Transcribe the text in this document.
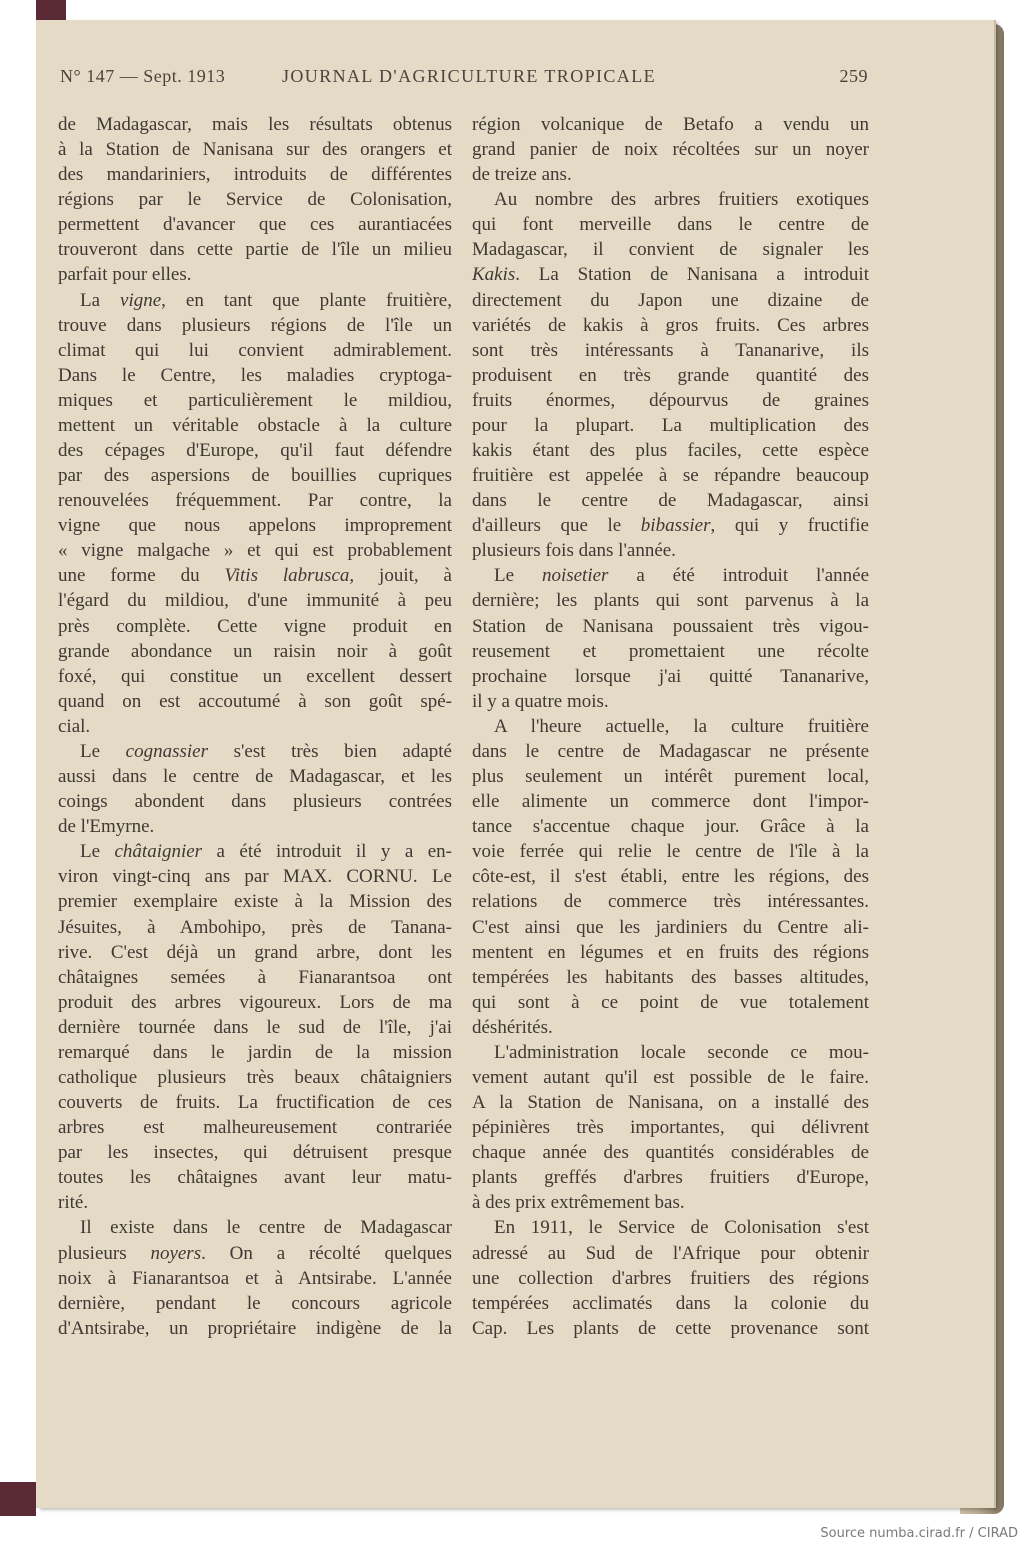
N° 147 — Sept. 1913	JOURNAL D'AGRICULTURE TROPICALE	259
de Madagascar, mais les résultats obtenus
à la Station de Nanisana sur des orangers et
des mandariniers, introduits de différentes
régions par le Service de Colonisation,
permettent d'avancer que ces aurantiacées
trouveront dans cette partie de l'île un milieu
parfait pour elles.
La vigne, en tant que plante fruitière,
trouve dans plusieurs régions de l'île un
climat qui lui convient admirablement.
Dans le Centre, les maladies cryptoga-
miques et particulièrement le mildiou,
mettent un véritable obstacle à la culture
des cépages d'Europe, qu'il faut défendre
par des aspersions de bouillies cupriques
renouvelées fréquemment. Par contre, la
vigne que nous appelons improprement
« vigne malgache » et qui est probablement
une forme du Vitis labrusca, jouit, à
l'égard du mildiou, d'une immunité à peu
près complète. Cette vigne produit en
grande abondance un raisin noir à goût
foxé, qui constitue un excellent dessert
quand on est accoutumé à son goût spé-
cial.
Le cognassier s'est très bien adapté
aussi dans le centre de Madagascar, et les
coings abondent dans plusieurs contrées
de l'Emyrne.
Le châtaignier a été introduit il y a en-
viron vingt-cinq ans par MAX. CORNU. Le
premier exemplaire existe à la Mission des
Jésuites, à Ambohipo, près de Tanana-
rive. C'est déjà un grand arbre, dont les
châtaignes semées à Fianarantsoa ont
produit des arbres vigoureux. Lors de ma
dernière tournée dans le sud de l'île, j'ai
remarqué dans le jardin de la mission
catholique plusieurs très beaux châtaigniers
couverts de fruits. La fructification de ces
arbres est malheureusement contrariée
par les insectes, qui détruisent presque
toutes les châtaignes avant leur matu-
rité.
Il existe dans le centre de Madagascar
plusieurs noyers. On a récolté quelques
noix à Fianarantsoa et à Antsirabe. L'année
dernière, pendant le concours agricole
d'Antsirabe, un propriétaire indigène de la
région volcanique de Betafo a vendu un
grand panier de noix récoltées sur un noyer
de treize ans.
Au nombre des arbres fruitiers exotiques
qui font merveille dans le centre de
Madagascar, il convient de signaler les
Kakis. La Station de Nanisana a introduit
directement du Japon une dizaine de
variétés de kakis à gros fruits. Ces arbres
sont très intéressants à Tananarive, ils
produisent en très grande quantité des
fruits énormes, dépourvus de graines
pour la plupart. La multiplication des
kakis étant des plus faciles, cette espèce
fruitière est appelée à se répandre beaucoup
dans le centre de Madagascar, ainsi
d'ailleurs que le bibassier, qui y fructifie
plusieurs fois dans l'année.
Le noisetier a été introduit l'année
dernière; les plants qui sont parvenus à la
Station de Nanisana poussaient très vigou-
reusement et promettaient une récolte
prochaine lorsque j'ai quitté Tananarive,
il y a quatre mois.
A l'heure actuelle, la culture fruitière
dans le centre de Madagascar ne présente
plus seulement un intérêt purement local,
elle alimente un commerce dont l'impor-
tance s'accentue chaque jour. Grâce à la
voie ferrée qui relie le centre de l'île à la
côte-est, il s'est établi, entre les régions, des
relations de commerce très intéressantes.
C'est ainsi que les jardiniers du Centre ali-
mentent en légumes et en fruits des régions
tempérées les habitants des basses altitudes,
qui sont à ce point de vue totalement
déshérités.
L'administration locale seconde ce mou-
vement autant qu'il est possible de le faire.
A la Station de Nanisana, on a installé des
pépinières très importantes, qui délivrent
chaque année des quantités considérables de
plants greffés d'arbres fruitiers d'Europe,
à des prix extrêmement bas.
En 1911, le Service de Colonisation s'est
adressé au Sud de l'Afrique pour obtenir
une collection d'arbres fruitiers des régions
tempérées acclimatés dans la colonie du
Cap. Les plants de cette provenance sont
Source numba.cirad.fr / CIRAD
